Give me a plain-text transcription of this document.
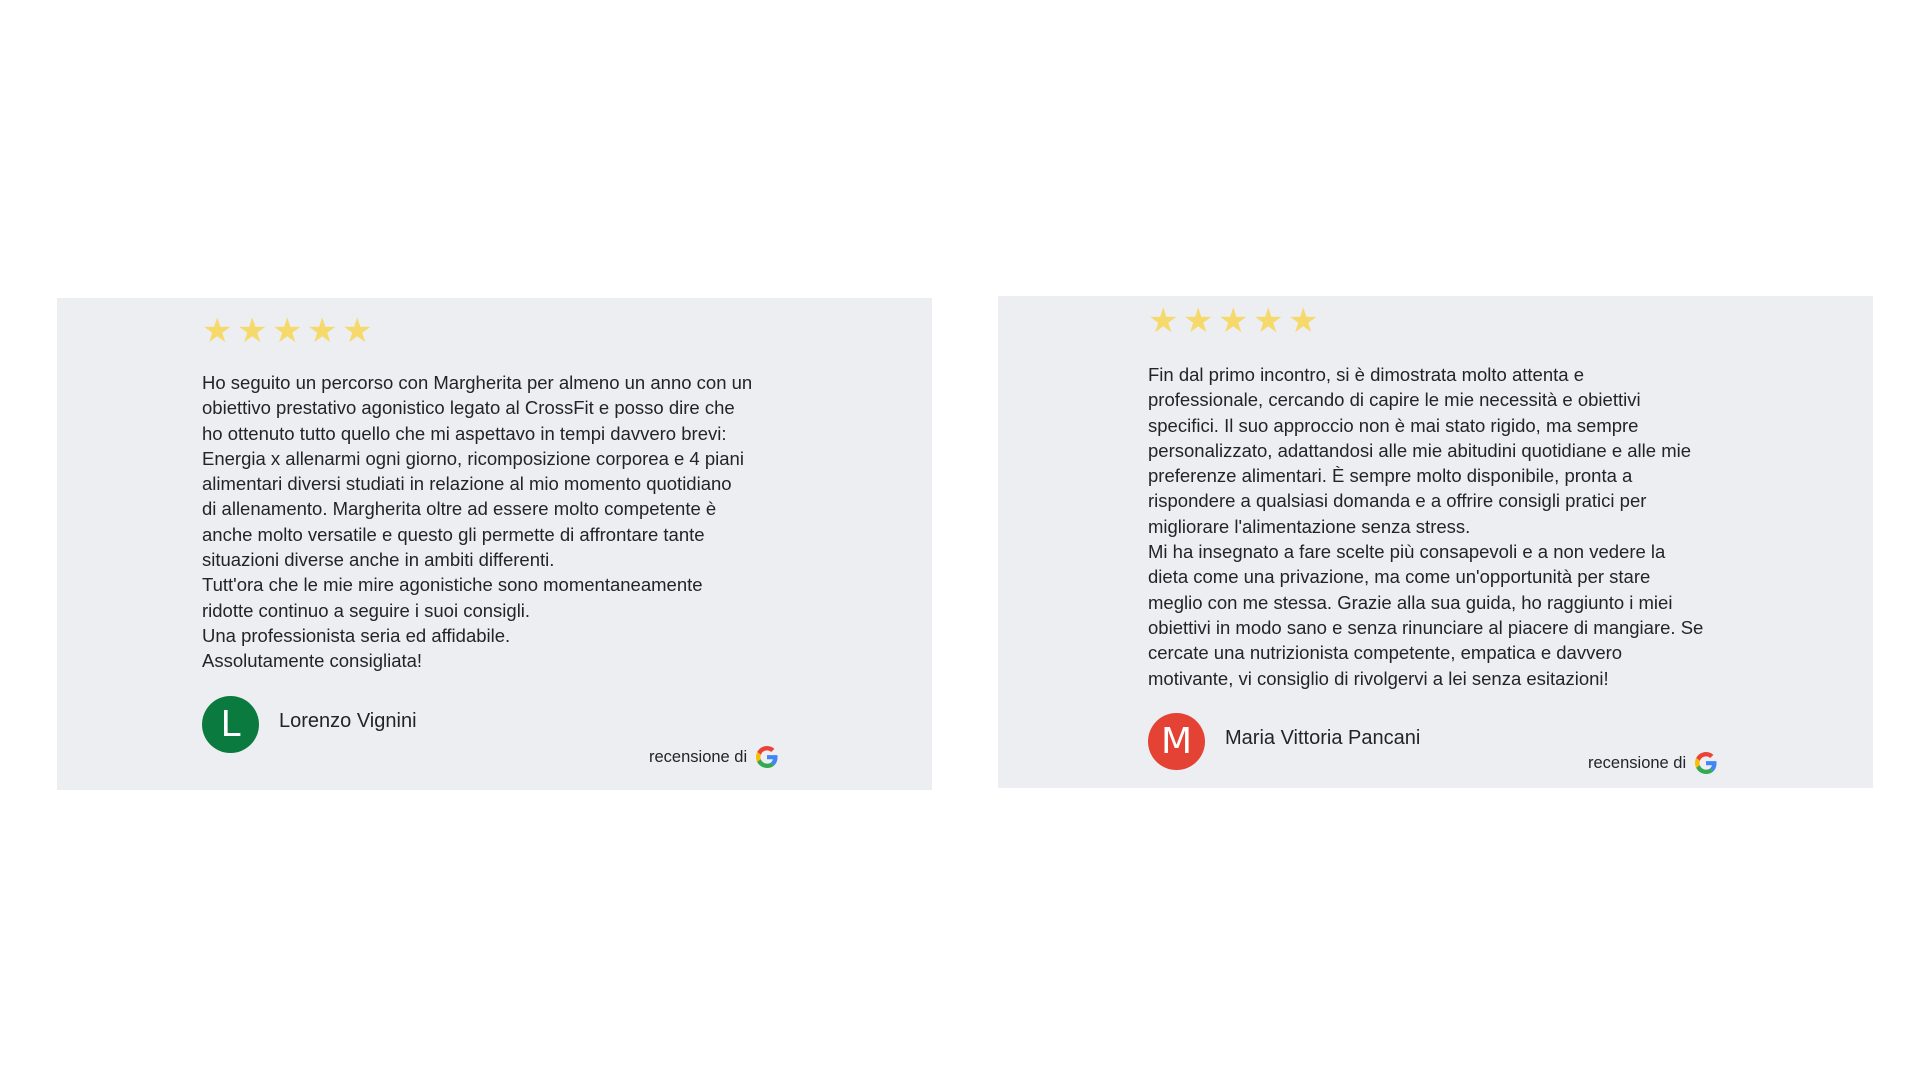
★ ★ ★ ★ ★

Ho seguito un percorso con Margherita per almeno un anno con un
obiettivo prestativo agonistico legato al CrossFit e posso dire che
ho ottenuto tutto quello che mi aspettavo in tempi davvero brevi:
Energia x allenarmi ogni giorno, ricomposizione corporea e 4 piani
alimentari diversi studiati in relazione al mio momento quotidiano
di allenamento. Margherita oltre ad essere molto competente è
anche molto versatile e questo gli permette di affrontare tante
situazioni diverse anche in ambiti differenti.
Tutt'ora che le mie mire agonistiche sono momentaneamente
ridotte continuo a seguire i suoi consigli.
Una professionista seria ed affidabile.
Assolutamente consigliata!

L	Lorenzo Vignini
recensione di
★ ★ ★ ★ ★

Fin dal primo incontro, si è dimostrata molto attenta e
professionale, cercando di capire le mie necessità e obiettivi
specifici. Il suo approccio non è mai stato rigido, ma sempre
personalizzato, adattandosi alle mie abitudini quotidiane e alle mie
preferenze alimentari. È sempre molto disponibile, pronta a
rispondere a qualsiasi domanda e a offrire consigli pratici per
migliorare l'alimentazione senza stress.
Mi ha insegnato a fare scelte più consapevoli e a non vedere la
dieta come una privazione, ma come un'opportunità per stare
meglio con me stessa. Grazie alla sua guida, ho raggiunto i miei
obiettivi in modo sano e senza rinunciare al piacere di mangiare. Se
cercate una nutrizionista competente, empatica e davvero
motivante, vi consiglio di rivolgervi a lei senza esitazioni!

M	Maria Vittoria Pancani
recensione di
